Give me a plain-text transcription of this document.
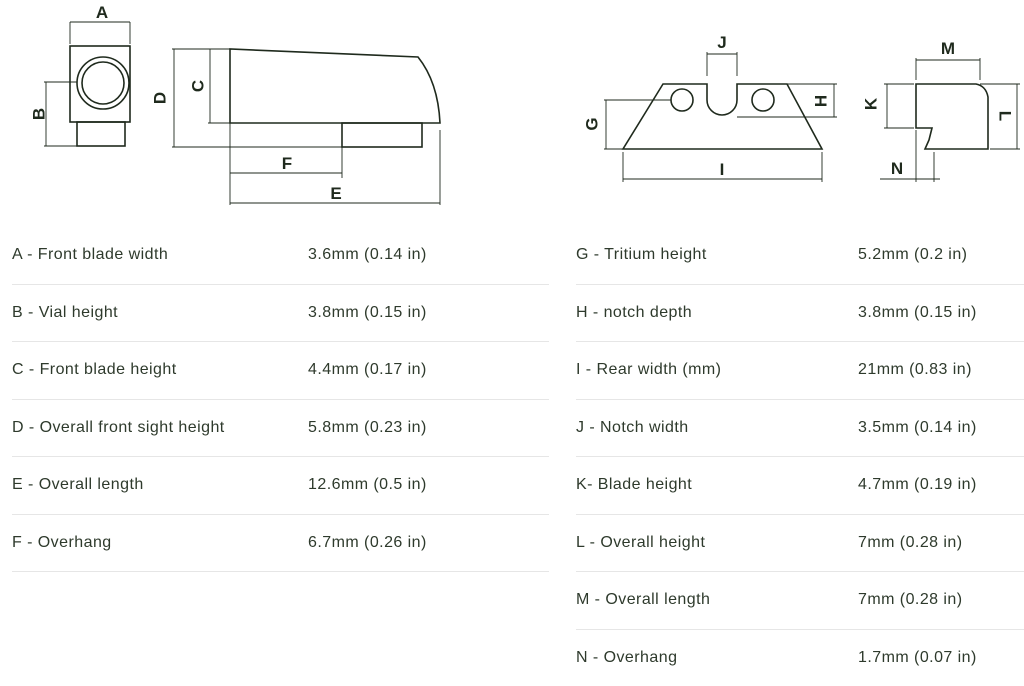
A
B
C
D
F
E
J
G
H
I
M
K
L
N
A - Front blade width	3.6mm (0.14 in)
B - Vial height	3.8mm (0.15 in)
C - Front blade height	4.4mm (0.17 in)
D - Overall front sight height	5.8mm (0.23 in)
E - Overall length	12.6mm (0.5 in)
F - Overhang	6.7mm (0.26 in)
G - Tritium height	5.2mm (0.2 in)
H - notch depth	3.8mm (0.15 in)
I - Rear width (mm)	21mm (0.83 in)
J - Notch width	3.5mm (0.14 in)
K- Blade height	4.7mm (0.19 in)
L - Overall height	7mm (0.28 in)
M - Overall length	7mm (0.28 in)
N - Overhang	1.7mm (0.07 in)
